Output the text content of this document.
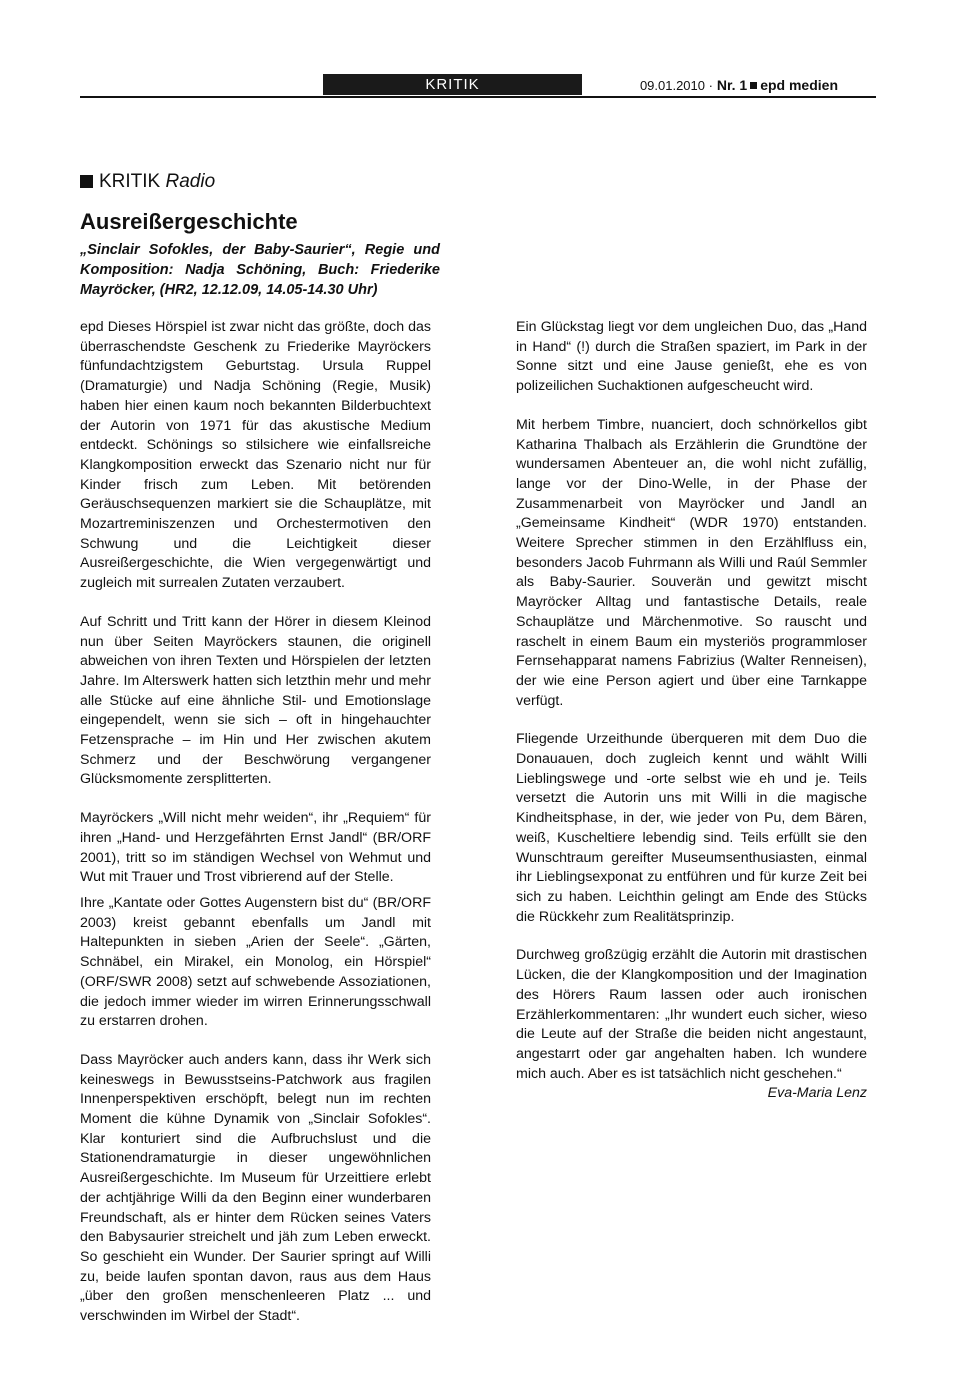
KRITIK	09.01.2010 · Nr. 1 epd medien
KRITIK Radio
Ausreißergeschichte
„Sinclair Sofokles, der Baby-Saurier“, Regie und Komposition: Nadja Schöning, Buch: Friederike Mayröcker, (HR2, 12.12.09, 14.05-14.30 Uhr)

epd Dieses Hörspiel ist zwar nicht das größte, doch das überraschendste Geschenk zu Friederike Mayröckers fünfundachtzigstem Geburtstag. Ursula Ruppel (Dramaturgie) und Nadja Schöning (Regie, Musik) haben hier einen kaum noch bekannten Bilderbuchtext der Autorin von 1971 für das akustische Medium entdeckt. Schönings so stilsichere wie einfallsreiche Klangkomposition erweckt das Szenario nicht nur für Kinder frisch zum Leben. Mit betörenden Geräuschsequenzen markiert sie die Schauplätze, mit Mozartreminiszenzen und Orchestermotiven den Schwung und die Leichtigkeit dieser Ausreißergeschichte, die Wien vergegenwärtigt und zugleich mit surrealen Zutaten verzaubert.

Auf Schritt und Tritt kann der Hörer in diesem Kleinod nun über Seiten Mayröckers staunen, die originell abweichen von ihren Texten und Hörspielen der letzten Jahre. Im Alterswerk hatten sich letzthin mehr und mehr alle Stücke auf eine ähnliche Stil- und Emotionslage eingependelt, wenn sie sich – oft in hingehauchter Fetzensprache – im Hin und Her zwischen akutem Schmerz und der Beschwörung vergangener Glücksmomente zersplitterten.

Mayröckers „Will nicht mehr weiden“, ihr „Requiem“ für ihren „Hand- und Herzgefährten Ernst Jandl“ (BR/ORF 2001), tritt so im ständigen Wechsel von Wehmut und Wut mit Trauer und Trost vibrierend auf der Stelle.

Ihre „Kantate oder Gottes Augenstern bist du“ (BR/ORF 2003) kreist gebannt ebenfalls um Jandl mit Haltepunkten in sieben „Arien der Seele“. „Gärten, Schnäbel, ein Mirakel, ein Monolog, ein Hörspiel“ (ORF/SWR 2008) setzt auf schwebende Assoziationen, die jedoch immer wieder im wirren Erinnerungsschwall zu erstarren drohen.

Dass Mayröcker auch anders kann, dass ihr Werk sich keineswegs in Bewusstseins-Patchwork aus fragilen Innenperspektiven erschöpft, belegt nun im rechten Moment die kühne Dynamik von „Sinclair Sofokles“. Klar konturiert sind die Aufbruchslust und die Stationendramaturgie in dieser ungewöhnlichen Ausreißergeschichte. Im Museum für Urzeittiere erlebt der achtjährige Willi da den Beginn einer wunderbaren Freundschaft, als er hinter dem Rücken seines Vaters den Babysaurier streichelt und jäh zum Leben erweckt. So geschieht ein Wunder. Der Saurier springt auf Willi zu, beide laufen spontan davon, raus aus dem Haus „über den großen menschenleeren Platz ... und verschwinden im Wirbel der Stadt“.

Ein Glückstag liegt vor dem ungleichen Duo, das „Hand in Hand“ (!) durch die Straßen spaziert, im Park in der Sonne sitzt und eine Jause genießt, ehe es von polizeilichen Suchaktionen aufgescheucht wird.

Mit herbem Timbre, nuanciert, doch schnörkellos gibt Katharina Thalbach als Erzählerin die Grundtöne der wundersamen Abenteuer an, die wohl nicht zufällig, lange vor der Dino-Welle, in der Phase der Zusammenarbeit von Mayröcker und Jandl an „Gemeinsame Kindheit“ (WDR 1970) entstanden. Weitere Sprecher stimmen in den Erzählfluss ein, besonders Jacob Fuhrmann als Willi und Raúl Semmler als Baby-Saurier. Souverän und gewitzt mischt Mayröcker Alltag und fantastische Details, reale Schauplätze und Märchenmotive. So rauscht und raschelt in einem Baum ein mysteriös programmloser Fernsehapparat namens Fabrizius (Walter Renneisen), der wie eine Person agiert und über eine Tarnkappe verfügt.

Fliegende Urzeithunde überqueren mit dem Duo die Donauauen, doch zugleich kennt und wählt Willi Lieblingswege und -orte selbst wie eh und je. Teils versetzt die Autorin uns mit Willi in die magische Kindheitsphase, in der, wie jeder von Pu, dem Bären, weiß, Kuscheltiere lebendig sind. Teils erfüllt sie den Wunschtraum gereifter Museumsenthusiasten, einmal ihr Lieblingsexponat zu entführen und für kurze Zeit bei sich zu haben. Leichthin gelingt am Ende des Stücks die Rückkehr zum Realitätsprinzip.

Durchweg großzügig erzählt die Autorin mit drastischen Lücken, die der Klangkomposition und der Imagination des Hörers Raum lassen oder auch ironischen Erzählerkommentaren: „Ihr wundert euch sicher, wieso die Leute auf der Straße die beiden nicht angestaunt, angestarrt oder gar angehalten haben. Ich wundere mich auch. Aber es ist tatsächlich nicht geschehen.“

Eva-Maria Lenz
